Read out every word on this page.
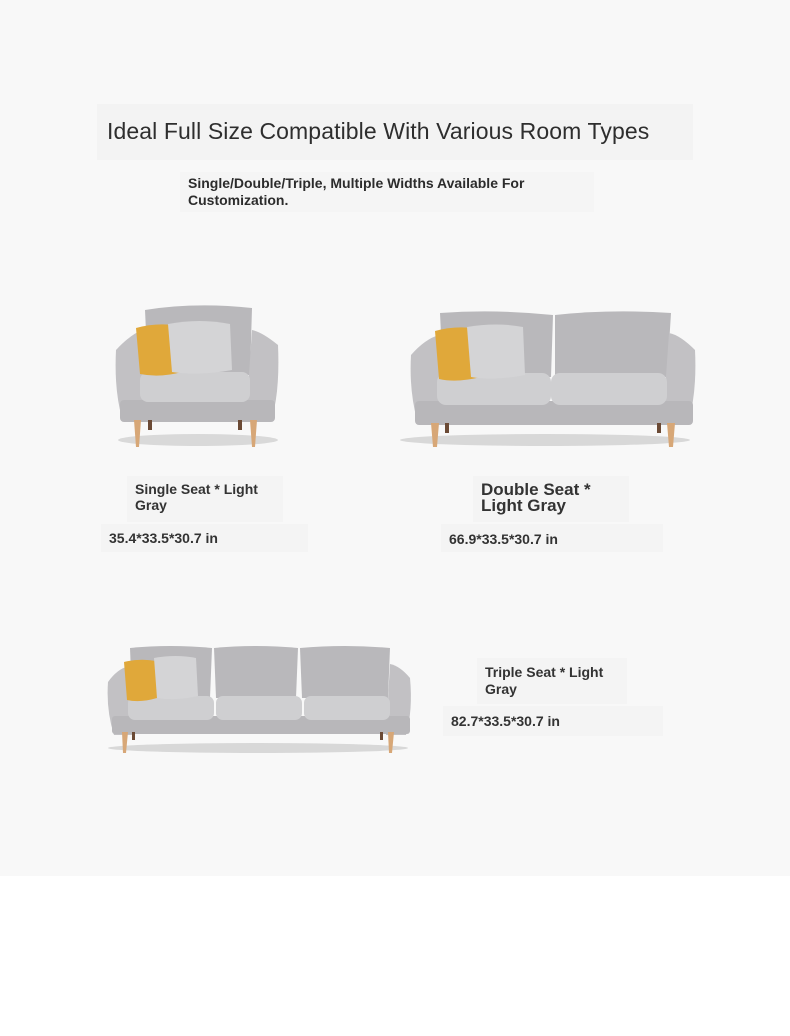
Ideal Full Size Compatible With Various Room Types
Single/Double/Triple, Multiple Widths Available For Customization.
Single Seat * Light Gray
35.4*33.5*30.7 in
Double Seat * Light Gray
66.9*33.5*30.7 in
Triple Seat * Light Gray
82.7*33.5*30.7 in
